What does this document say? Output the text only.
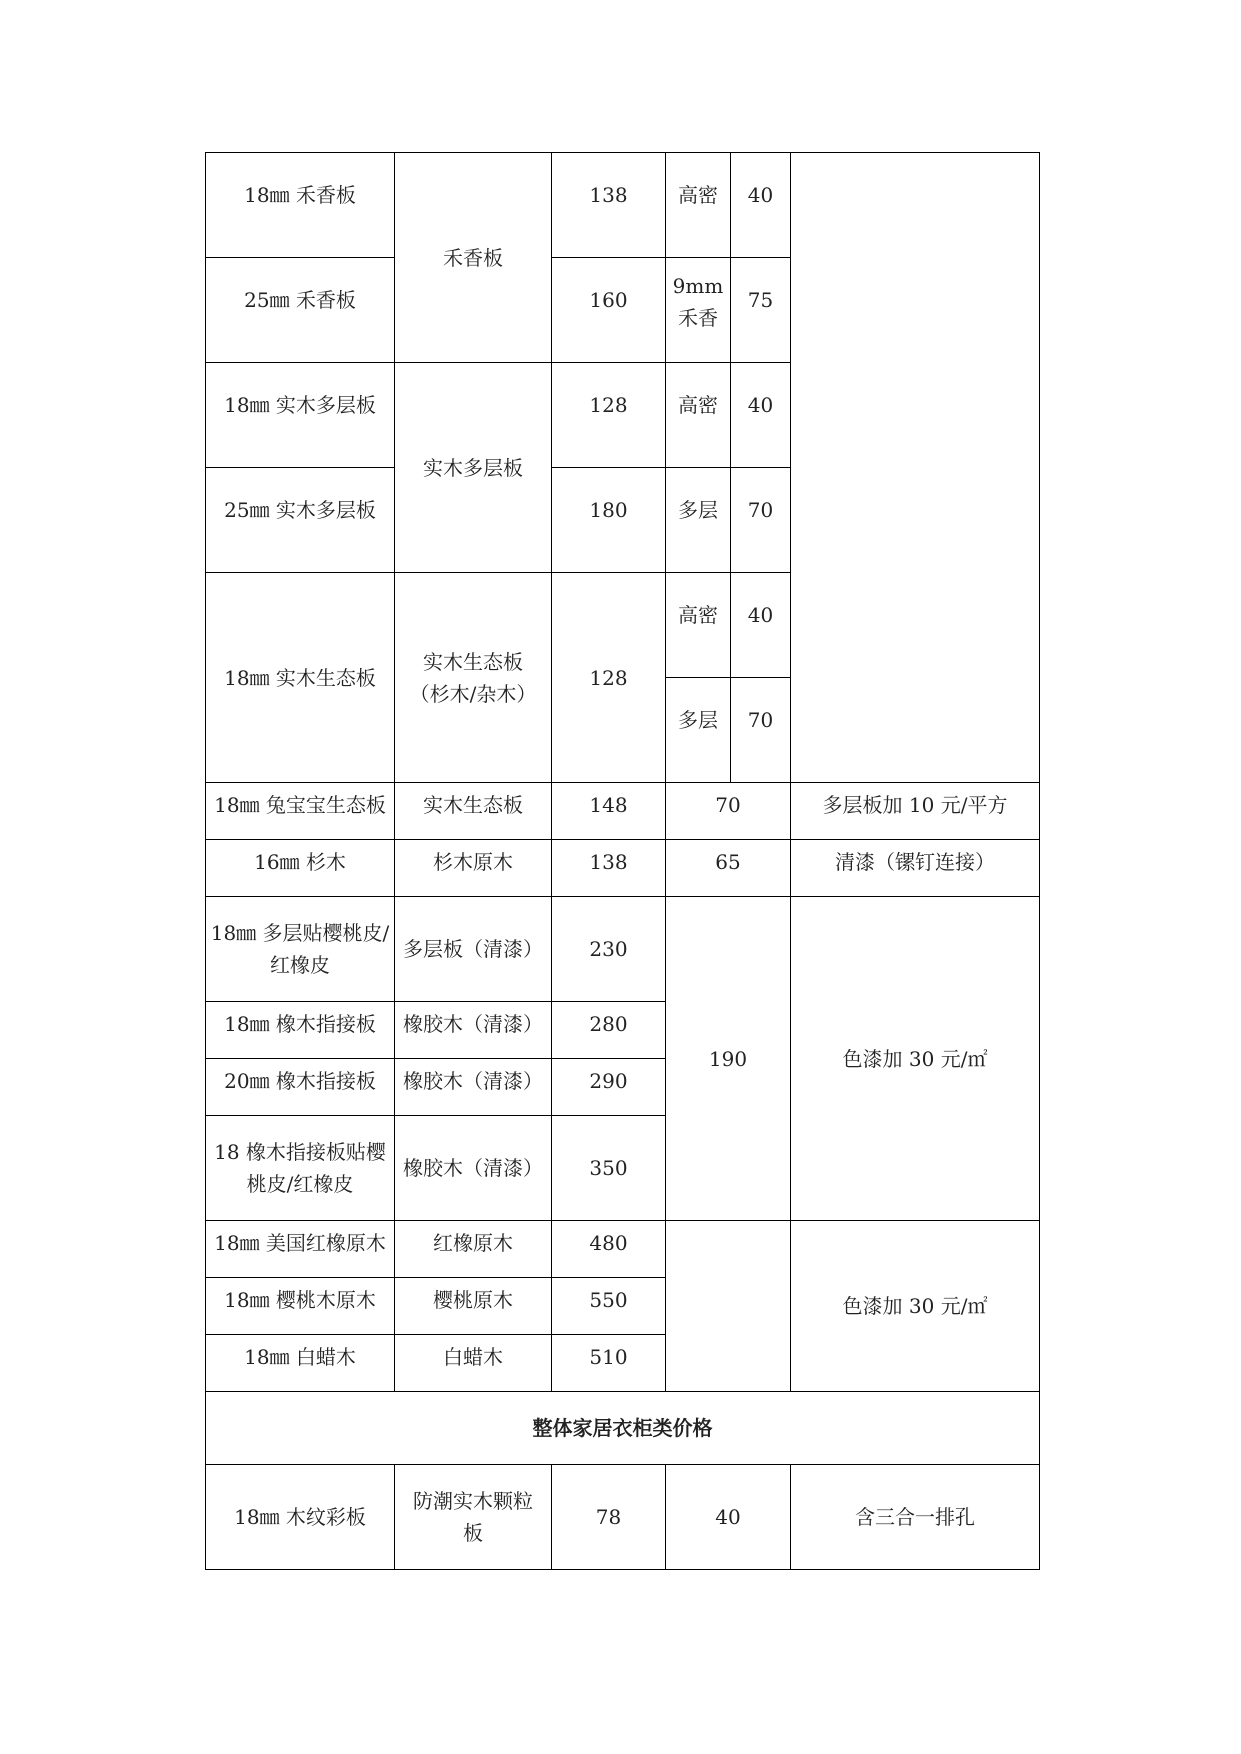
18㎜ 禾香板	禾香板	138	高密	40	
25㎜ 禾香板		160	9mm 禾香	75	
18㎜ 实木多层板	实木多层板	128	高密	40	
25㎜ 实木多层板		180	多层	70	
18㎜ 实木生态板	实木生态板（杉木/杂木）	128	高密	40	
			多层	70	
18㎜ 兔宝宝生态板	实木生态板	148	70		多层板加 10 元/平方
16㎜ 杉木	杉木原木	138	65		清漆（镙钉连接）
18㎜ 多层贴樱桃皮/红橡皮	多层板（清漆）	230	190		色漆加 30 元/㎡
18㎜ 橡木指接板	橡胶木（清漆）	280			
20㎜ 橡木指接板	橡胶木（清漆）	290			
18 橡木指接板贴樱桃皮/红橡皮	橡胶木（清漆）	350			
18㎜ 美国红橡原木	红橡原木	480			色漆加 30 元/㎡
18㎜ 樱桃木原木	樱桃原木	550			
18㎜ 白蜡木	白蜡木	510			
整体家居衣柜类价格					
18㎜ 木纹彩板	防潮实木颗粒板	78	40		含三合一排孔
